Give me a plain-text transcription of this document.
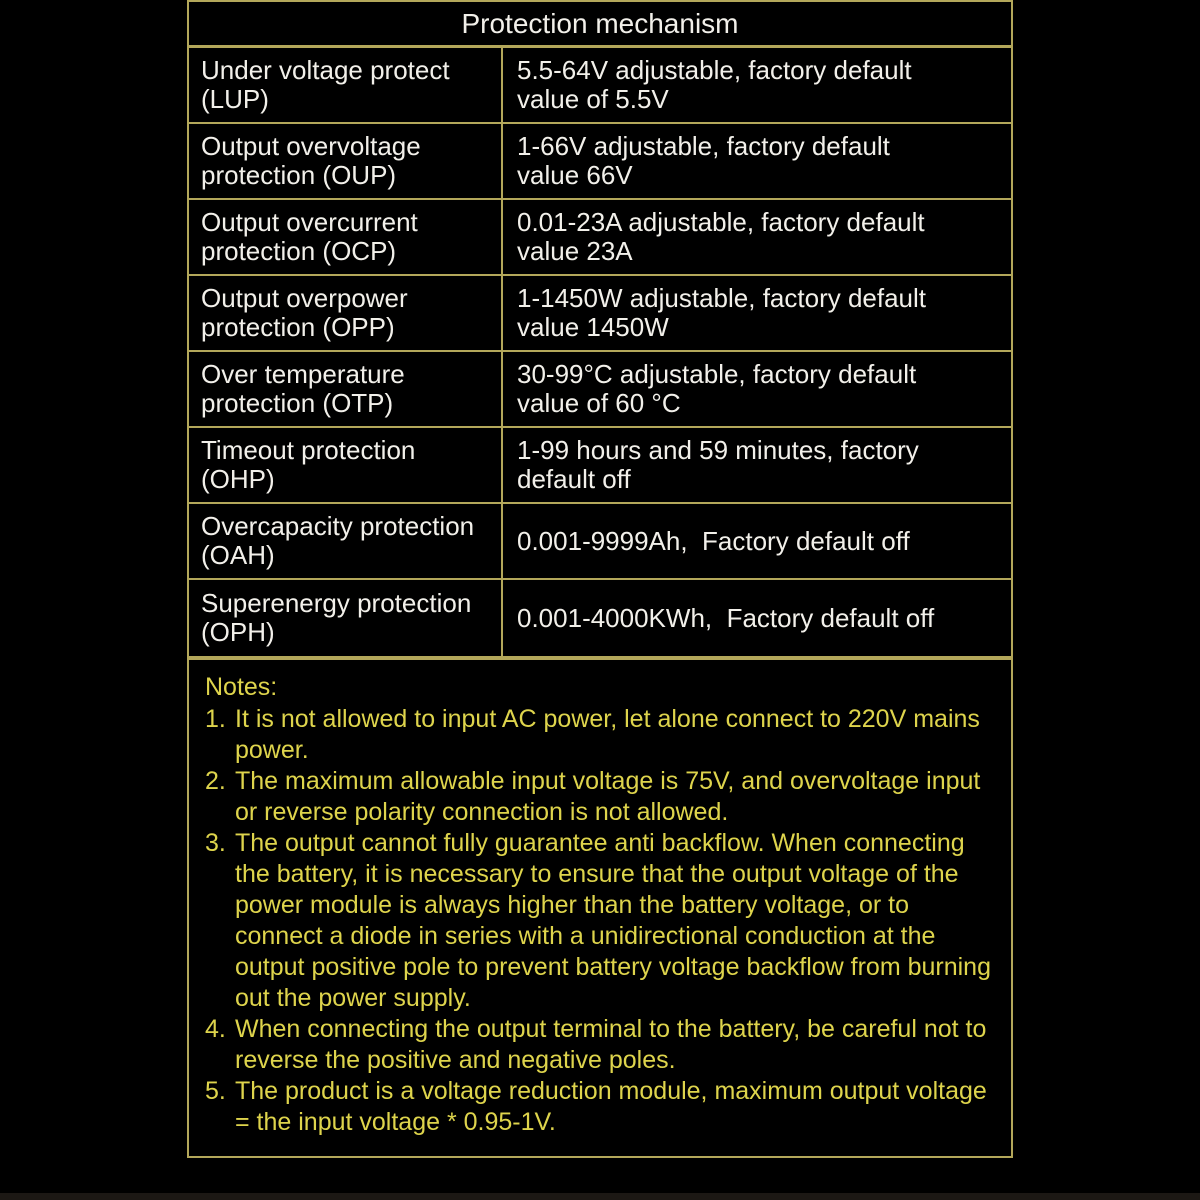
Protection mechanism
Under voltage protect
(LUP)
5.5-64V adjustable, factory default
value of 5.5V
Output overvoltage
protection (OUP)
1-66V adjustable, factory default
value 66V
Output overcurrent
protection (OCP)
0.01-23A adjustable, factory default
value 23A
Output overpower
protection (OPP)
1-1450W adjustable, factory default
value 1450W
Over temperature
protection (OTP)
30-99°C adjustable, factory default
value of 60 °C
Timeout protection
(OHP)
1-99 hours and 59 minutes, factory
default off
Overcapacity protection
(OAH)	0.001-9999Ah,  Factory default off
Superenergy protection
(OPH)	0.001-4000KWh,  Factory default off
Notes:
1. It is not allowed to input AC power, let alone connect to 220V mains power.
2. The maximum allowable input voltage is 75V, and overvoltage input or reverse polarity connection is not allowed.
3. The output cannot fully guarantee anti backflow. When connecting the battery, it is necessary to ensure that the output voltage of the power module is always higher than the battery voltage, or to connect a diode in series with a unidirectional conduction at the output positive pole to prevent battery voltage backflow from burning out the power supply.
4. When connecting the output terminal to the battery, be careful not to reverse the positive and negative poles.
5. The product is a voltage reduction module, maximum output voltage = the input voltage * 0.95-1V.
